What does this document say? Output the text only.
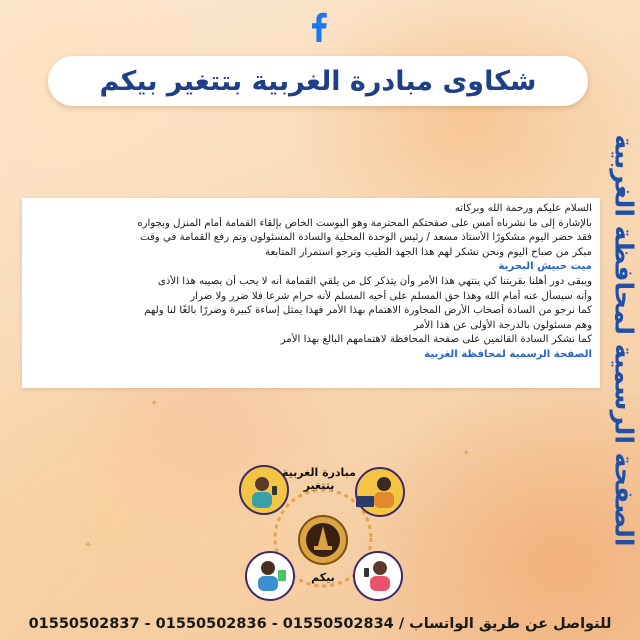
شكاوى مبادرة الغربية بتتغير بيكم
الصفحة الرسمية لمحافظة الغربية
السلام عليكم ورحمة الله وبركاته
بالإشارة إلى ما نشرناه أمس على صفحتكم المحترمة وهو البوست الخاص بإلقاء القمامة أمام المنزل وبجواره
فقد حضر اليوم مشكورًا الأستاذ مسعد / رئيس الوحدة المحلية والسادة المسئولون وتم رفع القمامة في وقت
مبكر من صباح اليوم ونحن نشكر لهم هذا الجهد الطيب ونرجو استمرار المتابعة
ميت حبيش البحرية
ويبقى دور أهلنا بقريتنا كي ينتهي هذا الأمر وأن يتذكر كل من يلقي القمامة أنه لا يحب أن يصيبه هذا الأذى
وأنه سيسأل عنه أمام الله وهذا حق المسلم على أخيه المسلم لأنه حرام شرعا فلا ضرر ولا ضرار
كما نرجو من السادة أصحاب الأرض المجاورة الاهتمام بهذا الأمر فهذا يمثل إساءة كبيرة وضررًا بالغًا لنا ولهم
وهم مسئولون بالدرجة الأولى عن هذا الأمر
كما نشكر السادة القائمين على صفحة المحافظة لاهتمامهم البالغ بهذا الأمر
الصفحة الرسمية لمحافظة الغربية
✦
✦
✦
مبادرة الغربية بتتغير
بيكم
للتواصل عن طريق الواتساب / 01550502834 - 01550502836 - 01550502837
